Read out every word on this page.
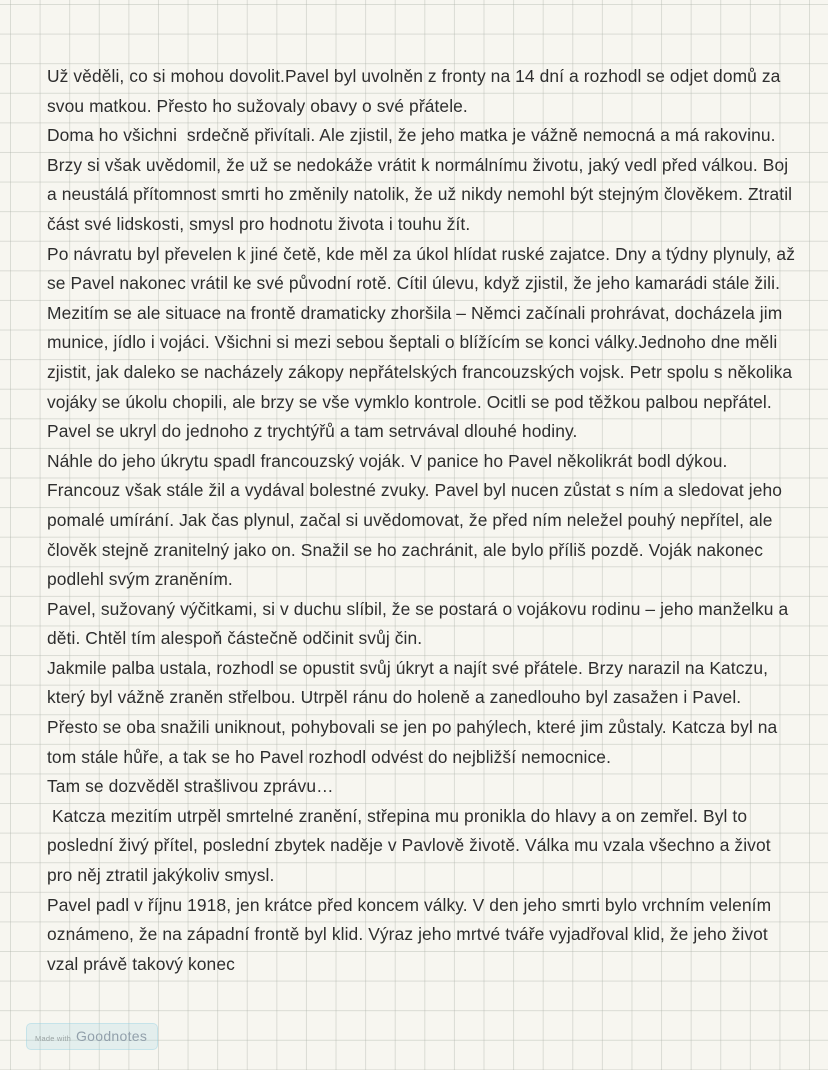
Už věděli, co si mohou dovolit.Pavel byl uvolněn z fronty na 14 dní a rozhodl se odjet domů za svou matkou. Přesto ho sužovaly obavy o své přátele.

Doma ho všichni  srdečně přivítali. Ale zjistil, že jeho matka je vážně nemocná a má rakovinu. Brzy si však uvědomil, že už se nedokáže vrátit k normálnímu životu, jaký vedl před válkou. Boj a neustálá přítomnost smrti ho změnily natolik, že už nikdy nemohl být stejným člověkem. Ztratil část své lidskosti, smysl pro hodnotu života i touhu žít.

Po návratu byl převelen k jiné četě, kde měl za úkol hlídat ruské zajatce. Dny a týdny plynuly, až se Pavel nakonec vrátil ke své původní rotě. Cítil úlevu, když zjistil, že jeho kamarádi stále žili. Mezitím se ale situace na frontě dramaticky zhoršila – Němci začínali prohrávat, docházela jim munice, jídlo i vojáci. Všichni si mezi sebou šeptali o blížícím se konci války.Jednoho dne měli zjistit, jak daleko se nacházely zákopy nepřátelských francouzských vojsk. Petr spolu s několika vojáky se úkolu chopili, ale brzy se vše vymklo kontrole. Ocitli se pod těžkou palbou nepřátel. Pavel se ukryl do jednoho z trychtýřů a tam setrvával dlouhé hodiny.

Náhle do jeho úkrytu spadl francouzský voják. V panice ho Pavel několikrát bodl dýkou. Francouz však stále žil a vydával bolestné zvuky. Pavel byl nucen zůstat s ním a sledovat jeho pomalé umírání. Jak čas plynul, začal si uvědomovat, že před ním neležel pouhý nepřítel, ale člověk stejně zranitelný jako on. Snažil se ho zachránit, ale bylo příliš pozdě. Voják nakonec podlehl svým zraněním.

Pavel, sužovaný výčitkami, si v duchu slíbil, že se postará o vojákovu rodinu – jeho manželku a děti. Chtěl tím alespoň částečně odčinit svůj čin.

Jakmile palba ustala, rozhodl se opustit svůj úkryt a najít své přátele. Brzy narazil na Katczu, který byl vážně zraněn střelbou. Utrpěl ránu do holeně a zanedlouho byl zasažen i Pavel. Přesto se oba snažili uniknout, pohybovali se jen po pahýlech, které jim zůstaly. Katcza byl na tom stále hůře, a tak se ho Pavel rozhodl odvést do nejbližší nemocnice.

Tam se dozvěděl strašlivou zprávu…

Katcza mezitím utrpěl smrtelné zranění, střepina mu pronikla do hlavy a on zemřel. Byl to poslední živý přítel, poslední zbytek naděje v Pavlově životě. Válka mu vzala všechno a život pro něj ztratil jakýkoliv smysl.

Pavel padl v říjnu 1918, jen krátce před koncem války. V den jeho smrti bylo vrchním velením oznámeno, že na západní frontě byl klid. Výraz jeho mrtvé tváře vyjadřoval klid, že jeho život vzal právě takový konec

Made with Goodnotes
